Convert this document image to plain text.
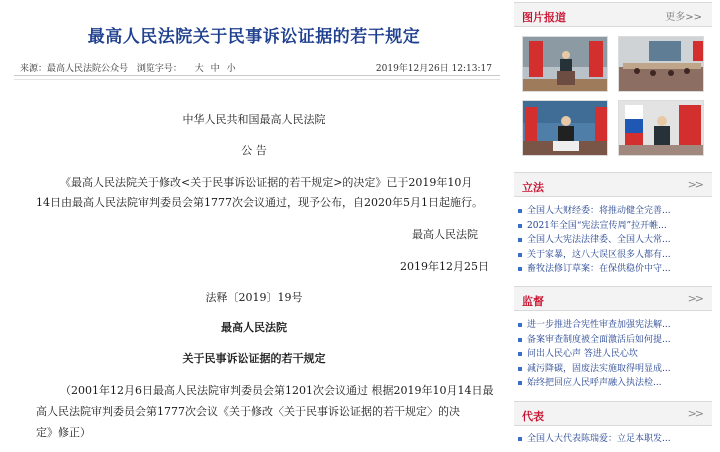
最高人民法院关于民事诉讼证据的若干规定
来源：最高人民法院公众号 浏览字号： 大 中 小	2019年12月26日 12:13:17
中华人民共和国最高人民法院
公 告
《最高人民法院关于修改<关于民事诉讼证据的若干规定>的决定》已于2019年10月
14日由最高人民法院审判委员会第1777次会议通过，现予公布，自2020年5月1日起施行。
最高人民法院
2019年12月25日
法释〔2019〕19号
最高人民法院
关于民事诉讼证据的若干规定
（2001年12月6日最高人民法院审判委员会第1201次会议通过 根据2019年10月14日最
高人民法院审判委员会第1777次会议《关于修改〈关于民事诉讼证据的若干规定〉的决
定》修正）
图片报道	更多>>
立法	>>
全国人大财经委：将推动健全完善...
2021年全国“宪法宣传周”拉开帷...
全国人大宪法法律委、全国人大常...
关于家暴，这八大误区很多人都有...
畜牧法修订草案：在保供稳价中守...
监督	>>
进一步推进合宪性审查加强宪法解...
备案审查制度被全面激活后如何提...
问出人民心声 答进人民心坎
减污降碳，固废法实施取得明显成...
始终把回应人民呼声融入执法检...
代表	>>
全国人大代表陈瑞爱：立足本职发...
